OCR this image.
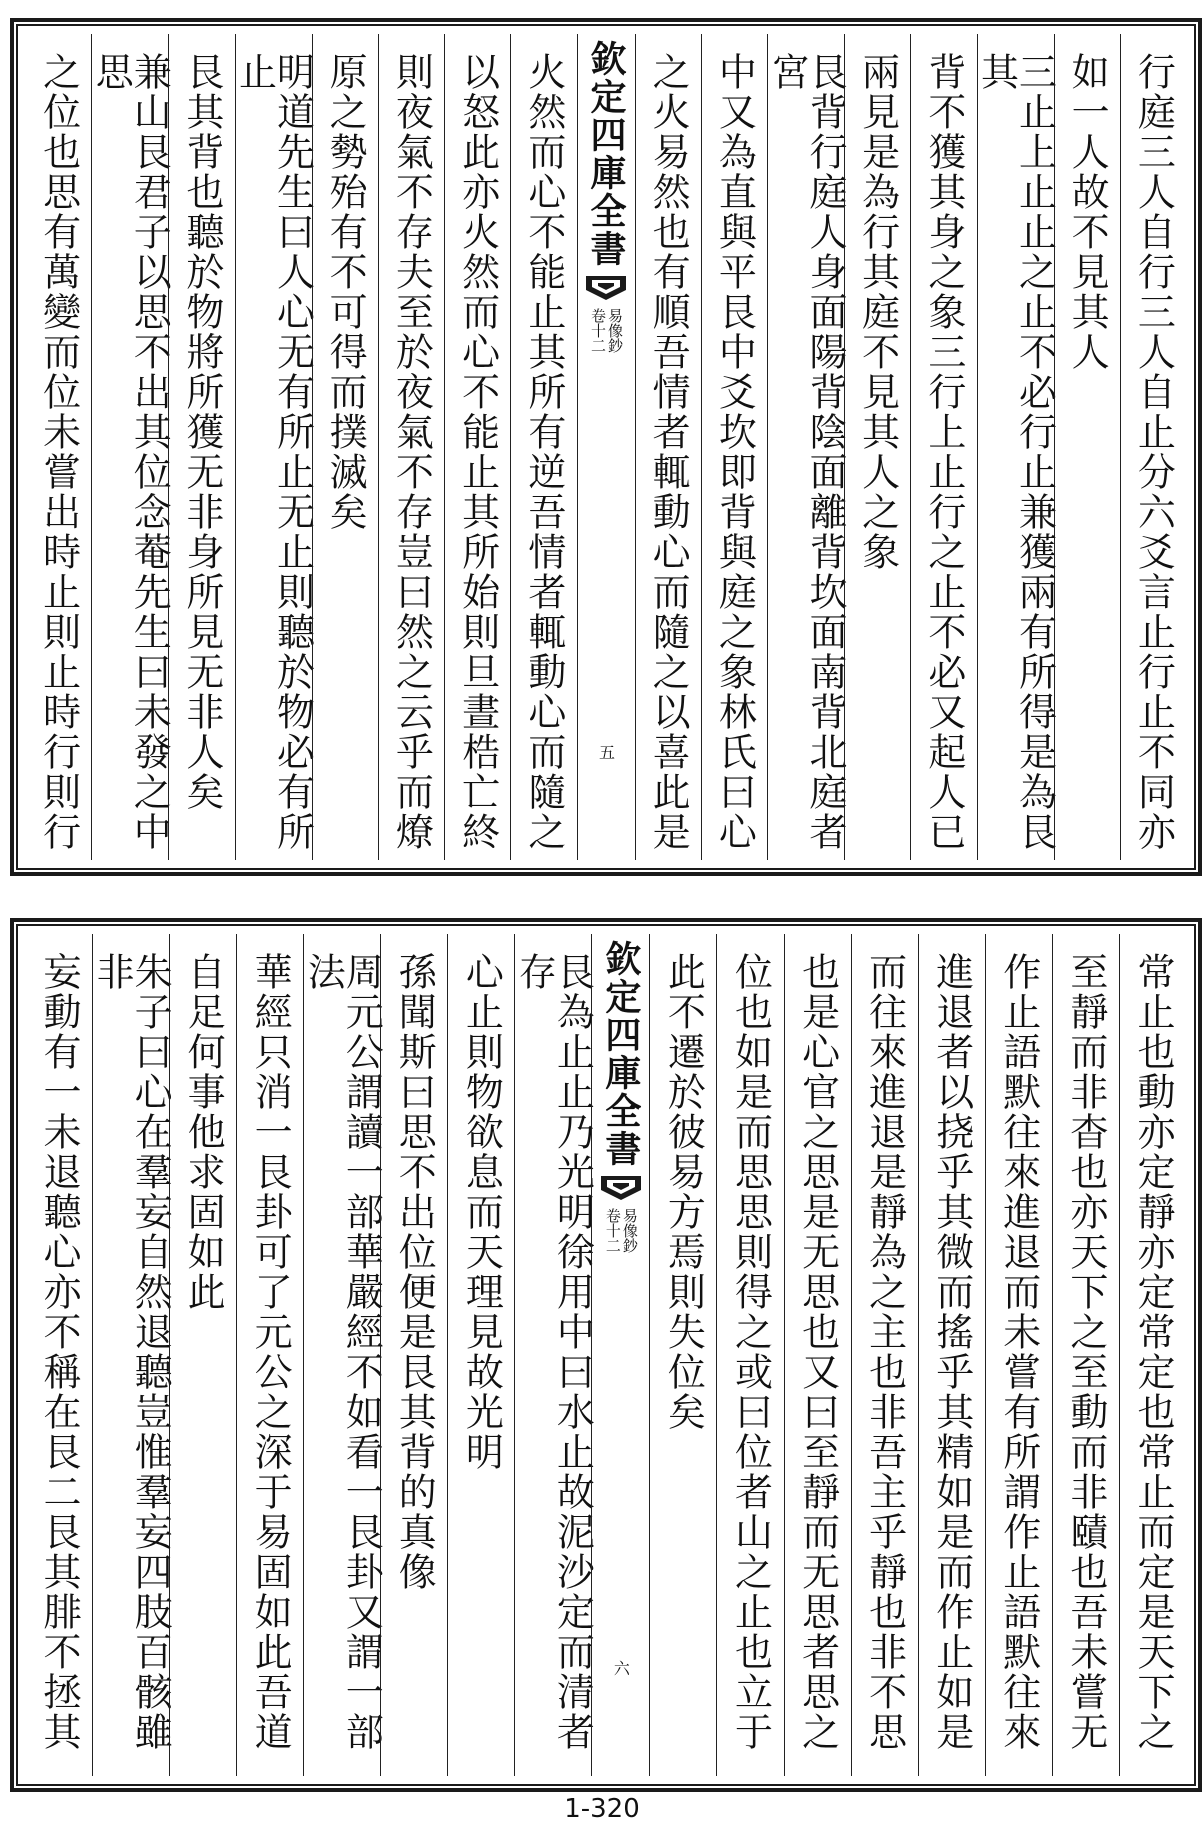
行庭三人自行三人自止分六爻言止行止不同亦
如一人故不見其人
三止上止止之止不必行止兼獲兩有所得是為艮其
背不獲其身之象三行上止行之止不必又起人已
兩見是為行其庭不見其人之象
艮背行庭人身面陽背陰面離背坎面南背北庭者宮
中又為直與平艮中爻坎即背與庭之象林氏曰心
之火易然也有順吾情者輒動心而隨之以喜此是
欽定四庫全書
易像鈔
卷十二
五
火然而心不能止其所有逆吾情者輒動心而隨之
以怒此亦火然而心不能止其所始則旦晝梏亡終
則夜氣不存夫至於夜氣不存豈曰然之云乎而燎
原之勢殆有不可得而撲滅矣
明道先生曰人心无有所止无止則聽於物必有所止
艮其背也聽於物將所獲无非身所見无非人矣
兼山艮君子以思不出其位念菴先生曰未發之中思
之位也思有萬變而位未嘗出時止則止時行則行
常止也動亦定靜亦定常定也常止而定是天下之
至靜而非杳也亦天下之至動而非賾也吾未嘗无
作止語默往來進退而未嘗有所謂作止語默往來
進退者以挠乎其微而搖乎其精如是而作止如是
而往來進退是靜為之主也非吾主乎靜也非不思
也是心官之思是无思也又曰至靜而无思者思之
位也如是而思思則得之或曰位者山之止也立于
此不遷於彼易方焉則失位矣
欽定四庫全書
易像鈔
卷十二
六
艮為止止乃光明徐用中曰水止故泥沙定而清者存
心止則物欲息而天理見故光明
孫聞斯曰思不出位便是艮其背的真像
周元公謂讀一部華嚴經不如看一艮卦又謂一部法
華經只消一艮卦可了元公之深于易固如此吾道
自足何事他求固如此
朱子曰心在羣妄自然退聽豈惟羣妄四肢百骸雖非
妄動有一未退聽心亦不稱在艮二艮其腓不拯其
1-320
